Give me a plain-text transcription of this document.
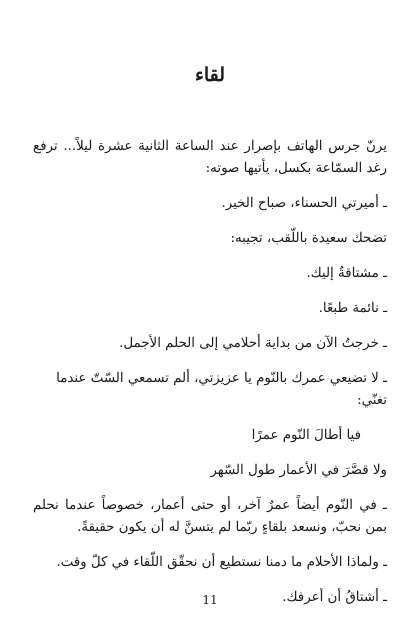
لقاء

يرنّ جرس الهاتف بإصرار عند الساعة الثانية عشرة ليلاً... ترفع رغد السمّاعة بكسل، يأتيها صوته:

ـ أميرتي الحسناء، صباح الخير.

تضحك سعيدة باللّقب، تجيبه:

ـ مشتاقةٌ إليك.

ـ نائمة طبعًا.

ـ خرجتُ الآن من بداية أحلامي إلى الحلم الأجمل.

ـ لا تضيعي عمرك بالنّوم يا عزيزتي، ألم تسمعي السّتّ عندما تغنّي:

فيا أطالَ النّوم عمرًا

ولا قصَّرَ في الأعمار طول السّهر

ـ في النّوم أيضاً عمرٌ آخر، أو حتى أعمار، خصوصاً عندما نحلم بمن نحبّ، ونسعد بلقاءٍ ربّما لم يتسنَّ له أن يكون حقيقةً.

ـ ولماذا الأحلام ما دمنا نستطيع أن نحقّق اللّقاء في كلّ وقت.

ـ أشتاقُ أن أعرفك.

11
